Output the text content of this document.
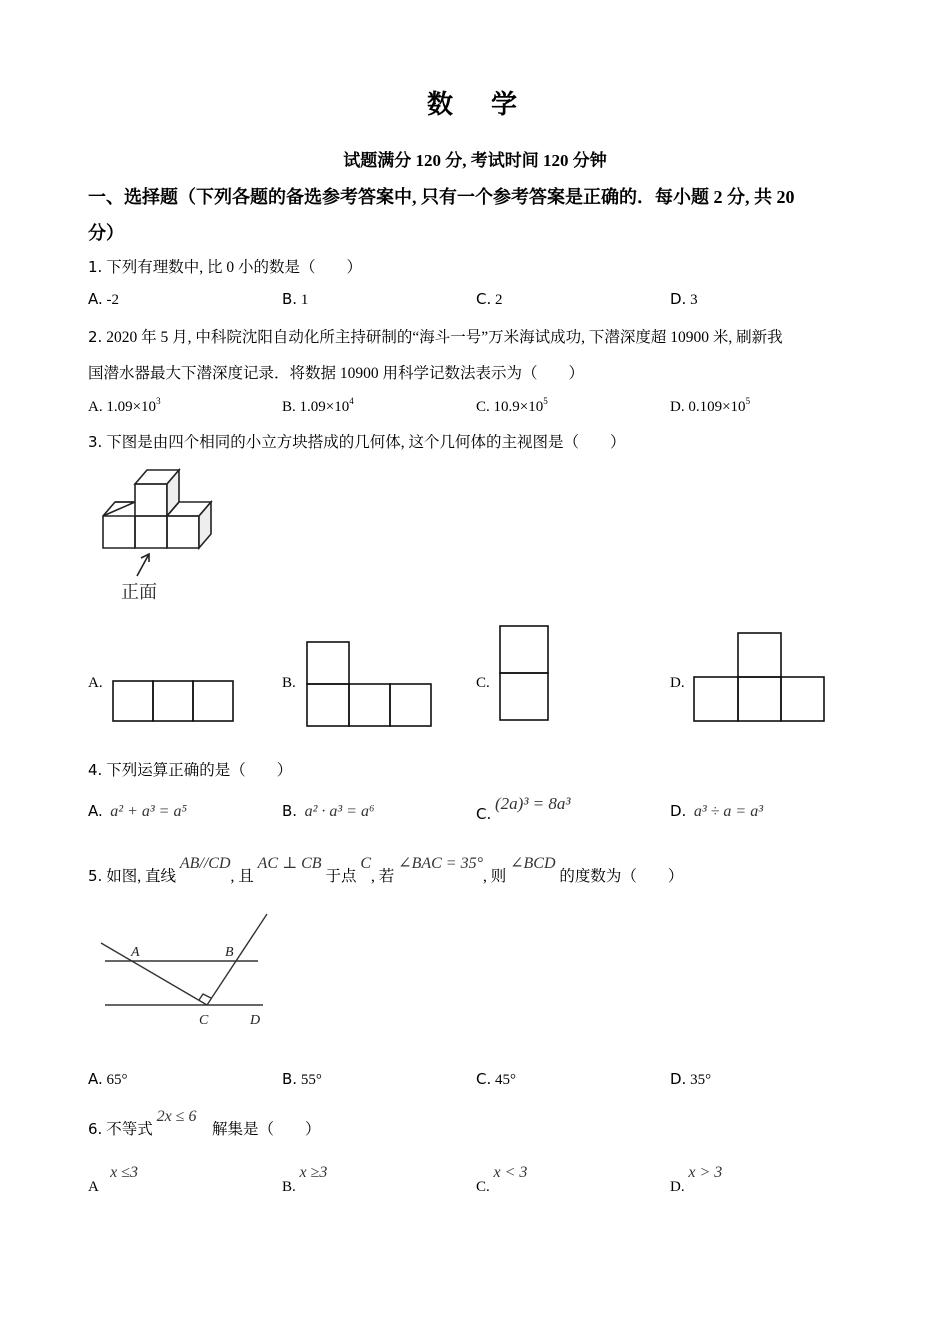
数　学
试题满分 120 分, 考试时间 120 分钟
一、选择题（下列各题的备选参考答案中, 只有一个参考答案是正确的．每小题 2 分, 共 20
分）
1. 下列有理数中, 比 0 小的数是（　　）
A. -2	B. 1	C. 2	D. 3
2. 2020 年 5 月, 中科院沈阳自动化所主持研制的“海斗一号”万米海试成功, 下潜深度超 10900 米, 刷新我
国潜水器最大下潜深度记录．将数据 10900 用科学记数法表示为（　　）
A. $1.09\times 10^3$	B. $1.09\times 10^4$	C. $10.9\times 10^5$	D. $0.109\times 10^5$
3. 下图是由四个相同的小立方块搭成的几何体, 这个几何体的主视图是（　　）
正面
A.	B.	C.	D.
4. 下列运算正确的是（　　）
A. a² + a³ = a⁵	B. a² · a³ = a⁶	C. (2a)³ = 8a³	D. a³ ÷ a = a³
5. 如图, 直线 AB//CD, 且 AC ⊥ CB 于点 C, 若 ∠BAC = 35°, 则 ∠BCD 的度数为（　　）
A	B
C	D
A. 65°	B. 55°	C. 45°	D. 35°
6. 不等式 2x ≤ 6    解集是（　　）
A   x ≤3
B. x ≥3
C. x < 3
D. x > 3
